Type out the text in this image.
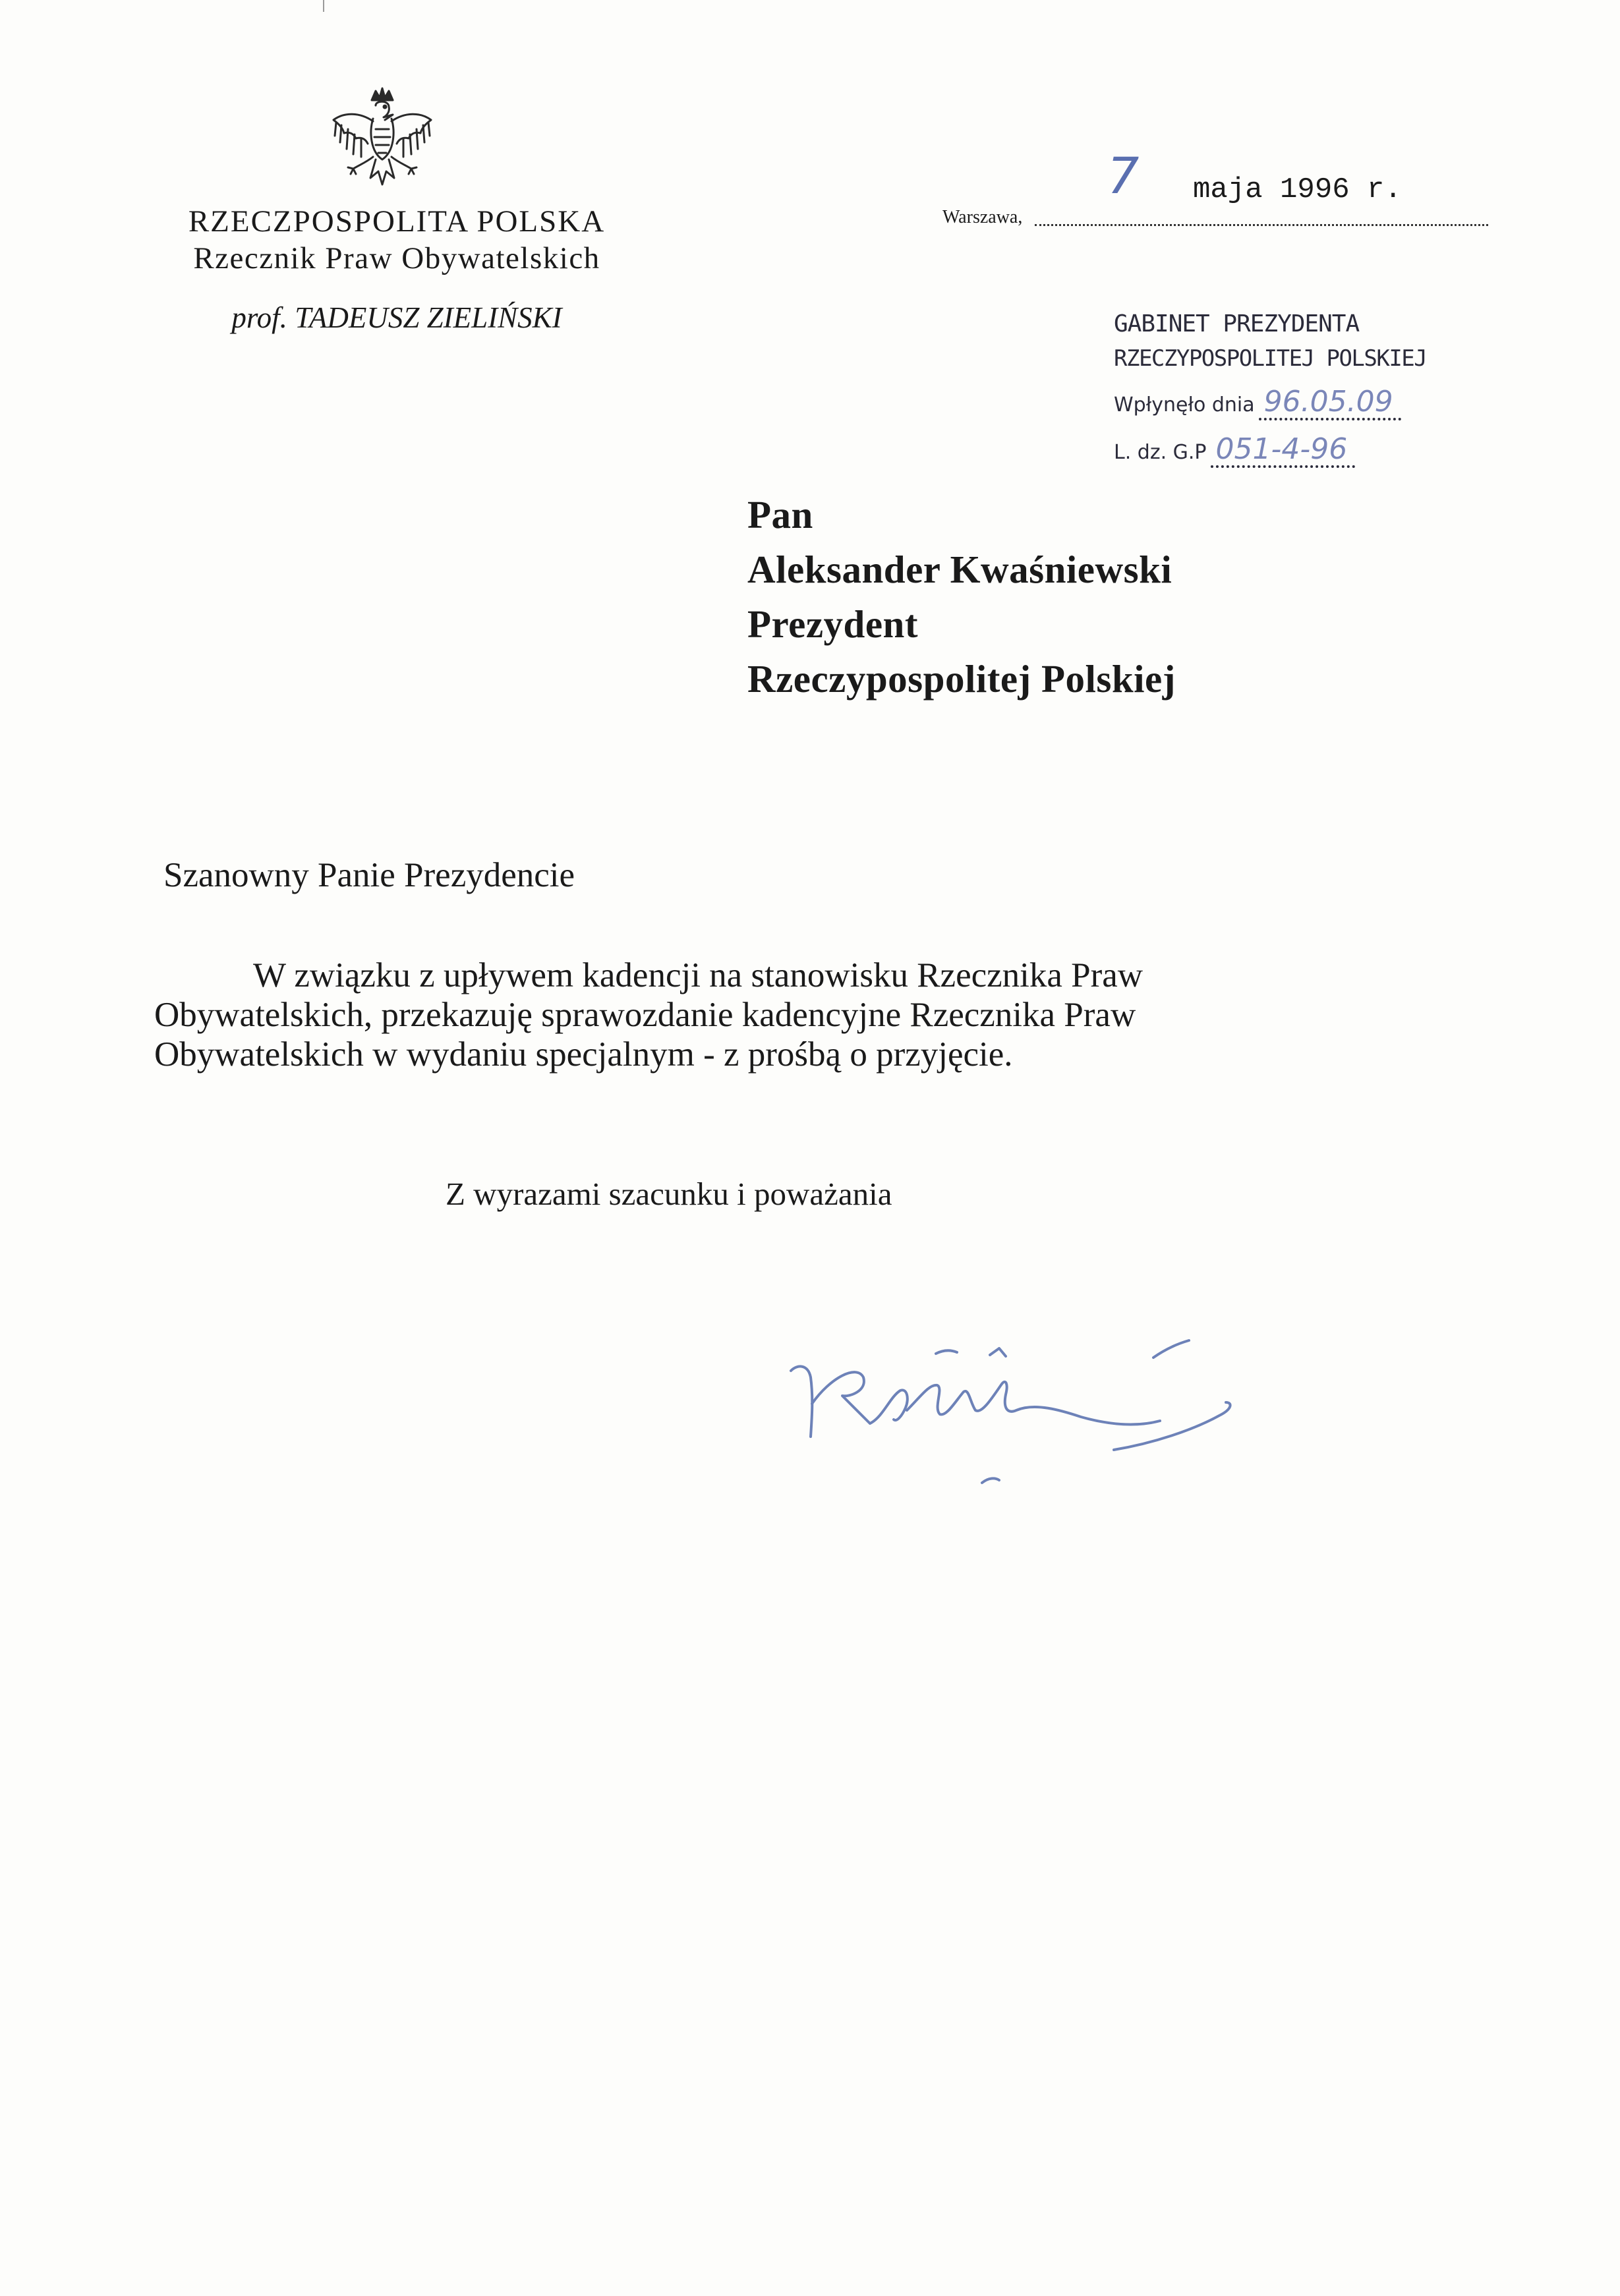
RZECZPOSPOLITA POLSKA
Rzecznik Praw Obywatelskich
prof. TADEUSZ ZIELIŃSKI
Warszawa,
7 maja 1996 r.
GABINET PREZYDENTA
RZECZYPOSPOLITEJ POLSKIEJ
Wpłynęło dnia 96.05.09
L. dz. G.P 051-4-96
Pan
Aleksander Kwaśniewski
Prezydent
Rzeczypospolitej Polskiej
Szanowny Panie Prezydencie
W związku z upływem kadencji na stanowisku Rzecznika Praw
Obywatelskich, przekazuję sprawozdanie kadencyjne Rzecznika Praw
Obywatelskich w wydaniu specjalnym - z prośbą o przyjęcie.
Z wyrazami szacunku i poważania
